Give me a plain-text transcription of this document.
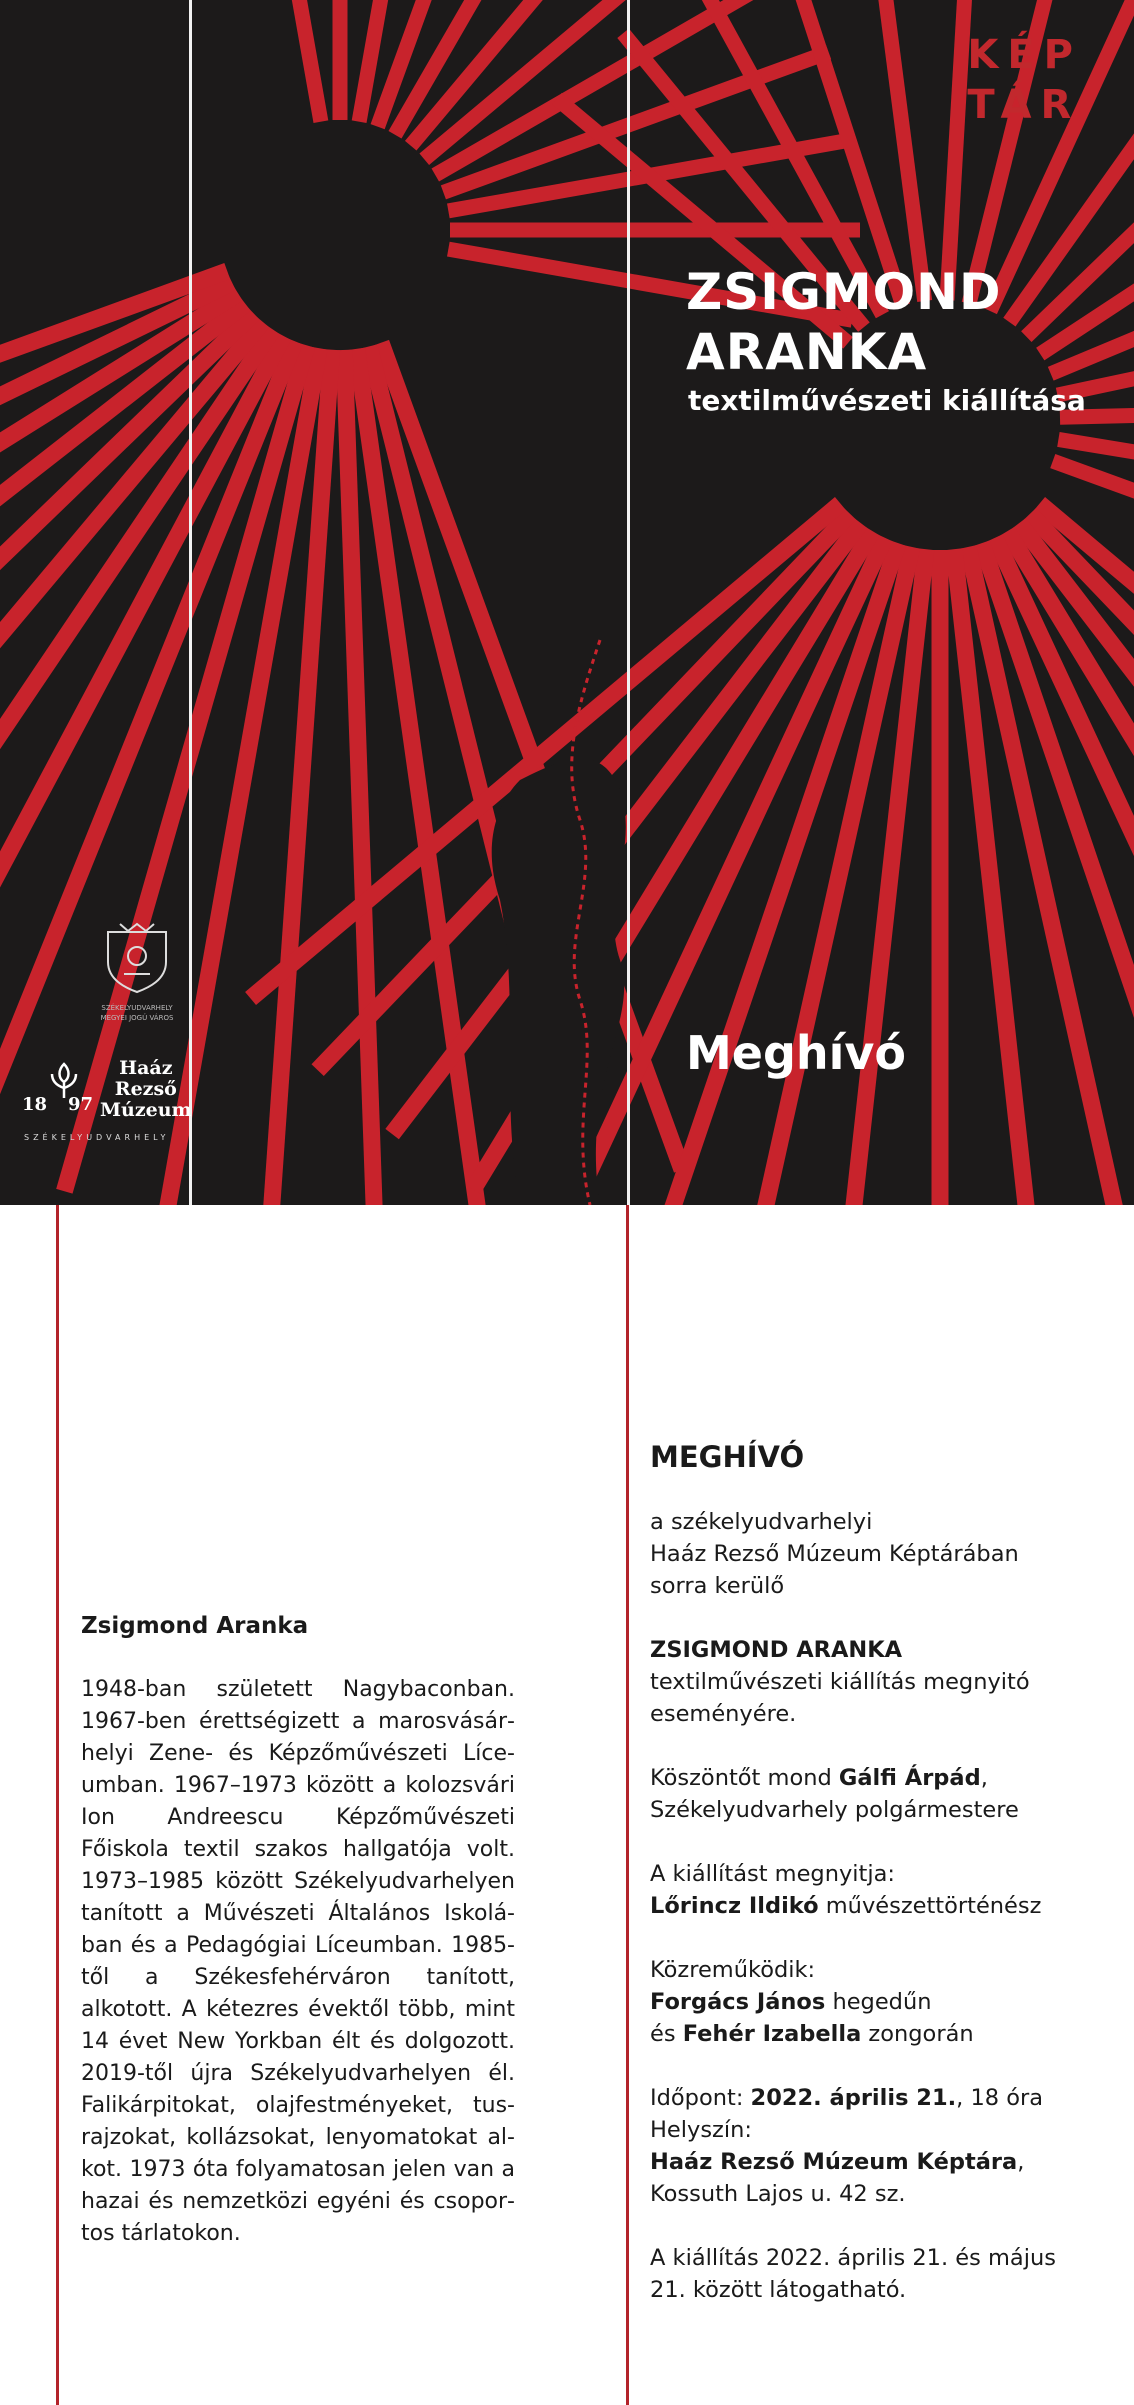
KÉP
TÁR
ZSIGMOND
ARANKA
textilművészeti kiállítása
Meghívó
SZÉKELYUDVARHELY
MEGYEI JOGÚ VÁROS
18 97
Haáz
Rezső
Múzeum
SZÉKELYUDVARHELY
Zsigmond Aranka

1948-ban született Nagybaconban. 1967-ben érettségizett a marosvásárhelyi Zene- és Képzőművészeti Líceumban. 1967–1973 között a kolozsvári Ion Andreescu Képzőművészeti Főiskola textil szakos hallgatója volt. 1973–1985 között Székelyudvarhelyen tanított a Művészeti Általános Iskolában és a Pedagógiai Líceumban. 1985-től a Székesfehérváron tanított, alkotott. A kétezres évektől több, mint 14 évet New Yorkban élt és dolgozott. 2019-től újra Székelyudvarhelyen él. Falikárpitokat, olajfestményeket, tusrajzokat, kollázsokat, lenyomatokat alkot. 1973 óta folyamatosan jelen van a hazai és nemzetközi egyéni és csoportos tárlatokon.

MEGHÍVÓ

a székelyudvarhelyi
Haáz Rezső Múzeum Képtárában
sorra kerülő

ZSIGMOND ARANKA
textilművészeti kiállítás megnyitó
eseményére.

Köszöntőt mond Gálfi Árpád,
Székelyudvarhely polgármestere

A kiállítást megnyitja:
Lőrincz Ildikó művészettörténész

Közreműködik:
Forgács János hegedűn
és Fehér Izabella zongorán

Időpont: 2022. április 21., 18 óra
Helyszín:
Haáz Rezső Múzeum Képtára,
Kossuth Lajos u. 42 sz.

A kiállítás 2022. április 21. és május 21. között látogatható.
